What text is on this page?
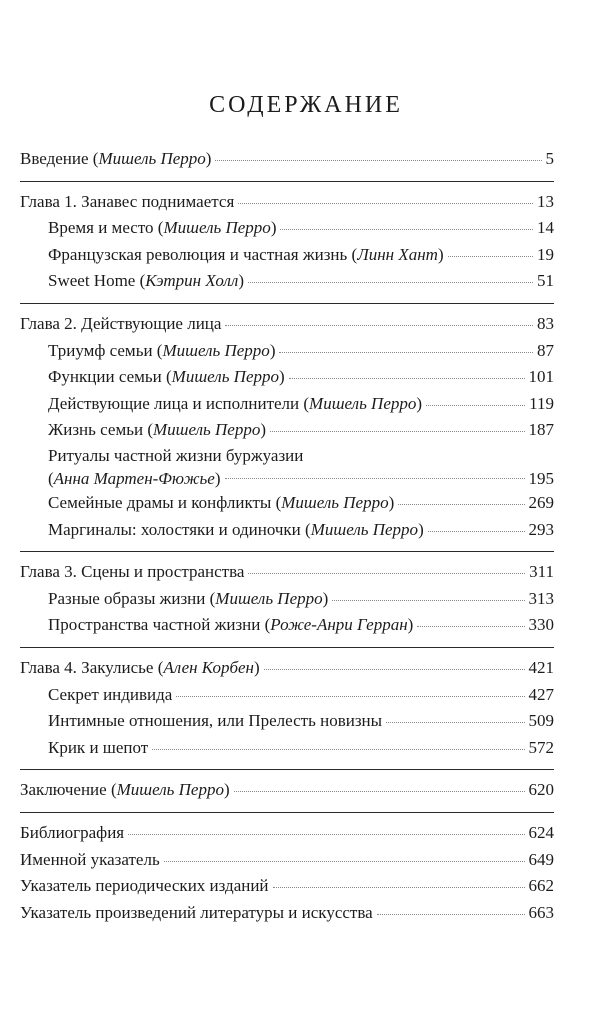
СОДЕРЖАНИЕ
Введение (Мишель Перро)	5
Глава 1. Занавес поднимается	13
Время и место (Мишель Перро)	14
Французская революция и частная жизнь (Линн Хант)	19
Sweet Home (Кэтрин Холл)	51
Глава 2. Действующие лица	83
Триумф семьи (Мишель Перро)	87
Функции семьи (Мишель Перро)	101
Действующие лица и исполнители (Мишель Перро)	119
Жизнь семьи (Мишель Перро)	187
Ритуалы частной жизни буржуазии
(Анна Мартен-Фюжье)	195
Семейные драмы и конфликты (Мишель Перро)	269
Маргиналы: холостяки и одиночки (Мишель Перро)	293
Глава 3. Сцены и пространства	311
Разные образы жизни (Мишель Перро)	313
Пространства частной жизни (Роже-Анри Герран)	330
Глава 4. Закулисье (Ален Корбен)	421
Секрет индивида	427
Интимные отношения, или Прелесть новизны	509
Крик и шепот	572
Заключение (Мишель Перро)	620
Библиография	624
Именной указатель	649
Указатель периодических изданий	662
Указатель произведений литературы и искусства	663
